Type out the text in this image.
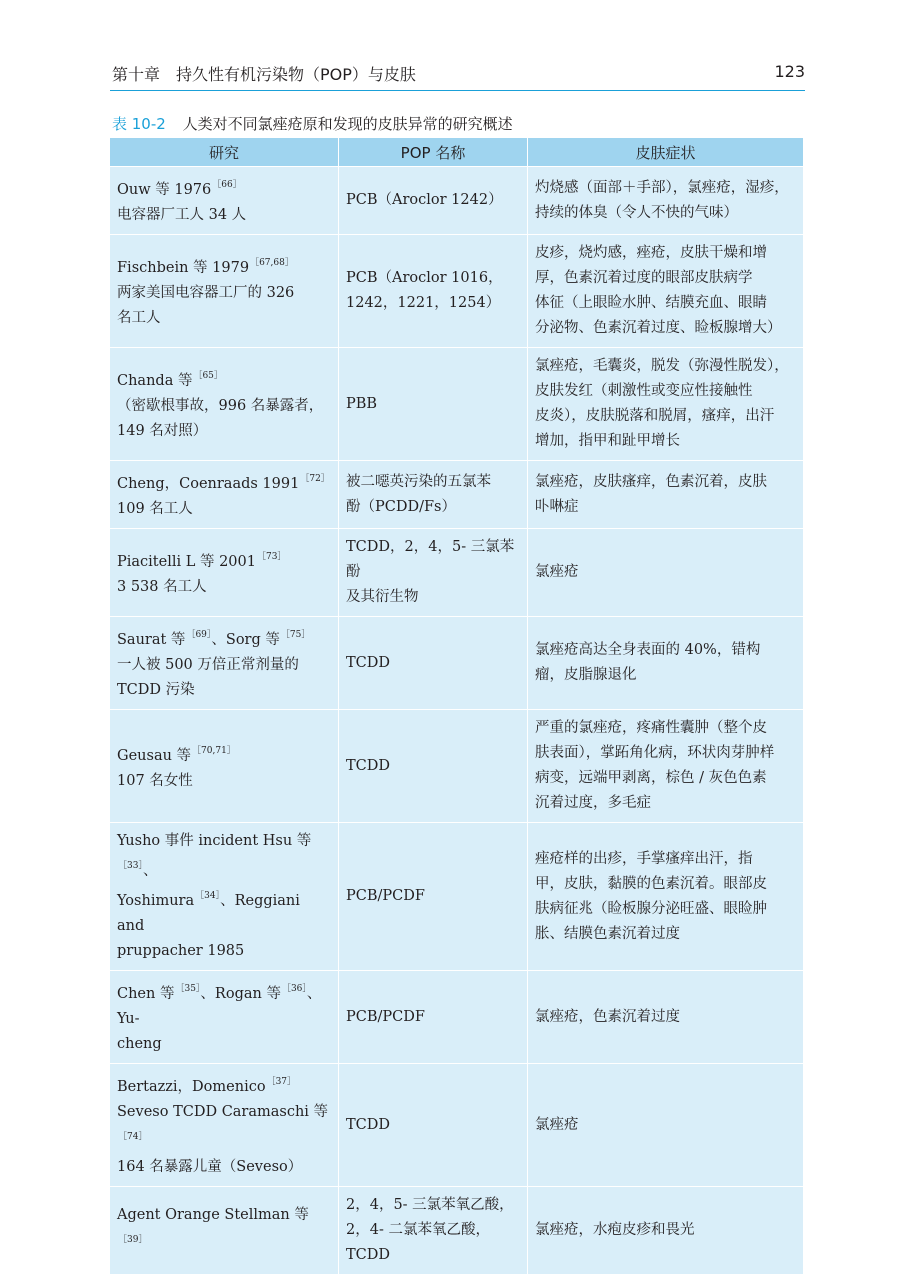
第十章　持久性有机污染物（POP）与皮肤	123
表 10-2 人类对不同氯痤疮原和发现的皮肤异常的研究概述
研究	POP 名称	皮肤症状

Ouw 等 1976$^{[66]}$
电容器厂工人 34 人	PCB（Aroclor 1242）	灼烧感（面部＋手部），氯痤疮，湿疹，
持续的体臭（令人不快的气味）

Fischbein 等 1979$^{[67,68]}$
两家美国电容器工厂的 326
名工人	PCB（Aroclor 1016，
1242，1221，1254）	皮疹，烧灼感，痤疮，皮肤干燥和增
厚，色素沉着过度的眼部皮肤病学
体征（上眼睑水肿、结膜充血、眼睛
分泌物、色素沉着过度、睑板腺增大）

Chanda 等$^{[65]}$
（密歇根事故，996 名暴露者，
149 名对照）	PBB	氯痤疮，毛囊炎，脱发（弥漫性脱发），
皮肤发红（刺激性或变应性接触性
皮炎），皮肤脱落和脱屑，瘙痒，出汗
增加，指甲和趾甲增长

Cheng，Coenraads 1991$^{[72]}$
109 名工人	被二噁英污染的五氯苯
酚（PCDD/Fs）	氯痤疮，皮肤瘙痒，色素沉着，皮肤
卟啉症

Piacitelli L 等 2001$^{[73]}$
3 538 名工人	TCDD，2，4，5- 三氯苯酚
及其衍生物	氯痤疮

Saurat 等$^{[69]}$、Sorg 等$^{[75]}$
一人被 500 万倍正常剂量的
TCDD 污染	TCDD	氯痤疮高达全身表面的 40%，错构
瘤，皮脂腺退化

Geusau 等$^{[70,71]}$
107 名女性	TCDD	严重的氯痤疮，疼痛性囊肿（整个皮
肤表面），掌跖角化病，环状肉芽肿样
病变，远端甲剥离，棕色 / 灰色色素
沉着过度，多毛症

Yusho 事件 incident Hsu 等$^{[33]}$、
Yoshimura$^{[34]}$、Reggiani and
pruppacher 1985	PCB/PCDF	痤疮样的出疹，手掌瘙痒出汗，指
甲，皮肤，黏膜的色素沉着。眼部皮
肤病征兆（睑板腺分泌旺盛、眼睑肿
胀、结膜色素沉着过度

Chen 等$^{[35]}$、Rogan 等$^{[36]}$、Yu-
cheng	PCB/PCDF	氯痤疮，色素沉着过度

Bertazzi，Domenico$^{[37]}$
Seveso TCDD Caramaschi 等$^{[74]}$
164 名暴露儿童（Seveso）	TCDD	氯痤疮

Agent Orange Stellman 等$^{[39]}$	2，4，5- 三氯苯氧乙酸，
2，4- 二氯苯氧乙酸，
TCDD	氯痤疮，水疱皮疹和畏光
